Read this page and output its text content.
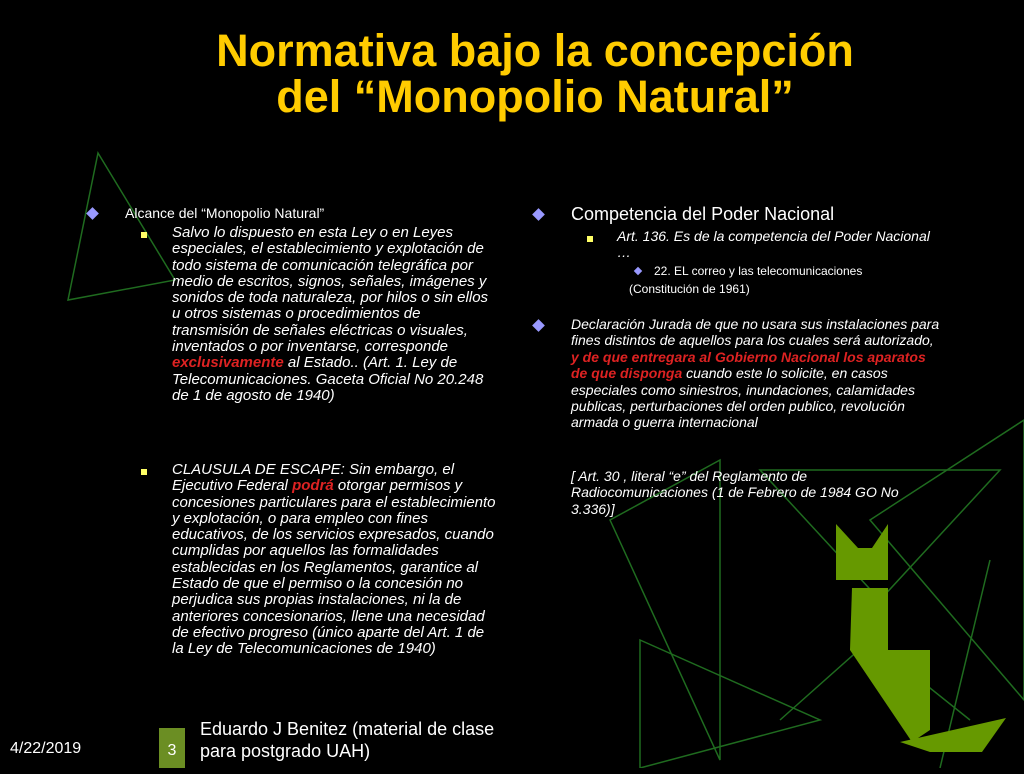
Normativa bajo la concepción
del “Monopolio Natural”
Alcance del “Monopolio Natural”
Salvo lo dispuesto en esta Ley o en Leyes especiales, el establecimiento y explotación de todo sistema de comunicación telegráfica por medio de escritos, signos, señales, imágenes y sonidos de toda naturaleza, por hilos o sin ellos u otros sistemas o procedimientos de transmisión de señales eléctricas o visuales, inventados o por inventarse, corresponde exclusivamente al Estado.. (Art. 1. Ley de Telecomunicaciones. Gaceta Oficial No 20.248 de 1 de agosto de 1940)
CLAUSULA DE ESCAPE: Sin embargo, el Ejecutivo Federal podrá otorgar permisos y concesiones particulares para el establecimiento y explotación, o para empleo con fines educativos, de los servicios expresados, cuando cumplidas por aquellos las formalidades establecidas en los Reglamentos, garantice al Estado de que el permiso o la concesión no perjudica sus propias instalaciones, ni la de anteriores concesionarios, llene una necesidad de efectivo progreso (único aparte del Art. 1 de la Ley de Telecomunicaciones de 1940)
Competencia del Poder Nacional
Art. 136. Es de la competencia del Poder Nacional …
22. EL correo y las telecomunicaciones
(Constitución de 1961)
Declaración Jurada de que no usara sus instalaciones para fines distintos de aquellos para los cuales será autorizado, y de que entregara al Gobierno Nacional los aparatos de que disponga cuando este lo solicite, en casos especiales como siniestros, inundaciones, calamidades publicas, perturbaciones del orden publico, revolución armada o guerra internacional
[ Art. 30 , literal “e” del Reglamento de Radiocomunicaciones (1 de Febrero de 1984 GO No 3.336)]
4/22/2019	3
Eduardo J Benitez (material de clase
para postgrado UAH)
